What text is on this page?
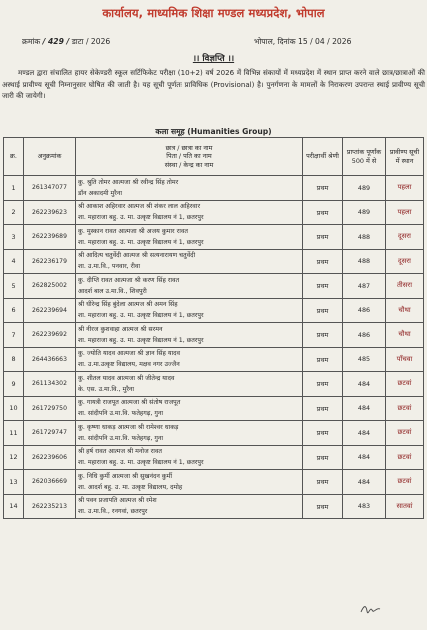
कार्यालय, माध्यमिक शिक्षा मण्डल मध्यप्रदेश, भोपाल
क्रमांक / 429 / डाटा / 2026	भोपाल, दिनांक 15 / 04 / 2026
।। विज्ञप्ति ।।
मण्डल द्वारा संचालित हायर सेकेण्डरी स्कूल सर्टिफिकेट परीक्षा (10+2) वर्ष 2026 में विभिन्न संकायों में मध्यप्रदेश में स्थान प्राप्त करने वाले छात्र/छात्राओं की अस्थाई प्रावीण्य सूची निम्नानुसार घोषित की जाती है। यह सूची पूर्णतः प्राविधिक (Provisional) है। पुनर्गणना के मामलों के निराकरण उपरान्त स्थाई प्रावीण्य सूची जारी की जायेगी।
कला समूह (Humanities Group)
क्र.	अनुक्रमांक	छात्र / छात्रा का नाम
पिता / पति का नाम
संस्था / केन्द्र का नाम	परीक्षार्थी श्रेणी	प्राप्तांक पूर्णांक 500 में से	प्रावीण्य सूची में स्थान
1	261347077	कु. श्रुति तोमर आत्मजा श्री रवीन्द्र सिंह तोमर
डॉन अकादमी मुरैना	प्रथम	489	पहला
2	262239623	श्री आकाश अहिरवार आत्मज श्री शंकर लाल अहिरवार
शा. महाराजा बहु. उ. मा. उत्कृष्ट विद्यालय नं 1, छतरपुर	प्रथम	489	पहला
3	262239689	कु. मुस्कान रावत आत्मजा श्री अजय कुमार रावत
शा. महाराजा बहु. उ. मा. उत्कृष्ट विद्यालय नं 1, छतरपुर	प्रथम	488	दूसरा
4	262236179	श्री आदित्य चतुर्वेदी आत्मज श्री सत्यनारायण चतुर्वेदी
शा. उ.मा.वि., पनवार, रीवा	प्रथम	488	दूसरा
5	262825002	कु. दीप्ति रावत आत्मजा श्री करण सिंह रावत
आदर्श बाल उ.मा.वि., शिवपुरी	प्रथम	487	तीसरा
6	262239694	श्री धीरेन्द्र सिंह बुंदेला आत्मज श्री अमन सिंह
शा. महाराजा बहु. उ. मा. उत्कृष्ट विद्यालय नं 1, छतरपुर	प्रथम	486	चौथा
7	262239692	श्री नीरज कुशवाहा आत्मज श्री सरमन
शा. महाराजा बहु. उ. मा. उत्कृष्ट विद्यालय नं 1, छतरपुर	प्रथम	486	चौथा
8	264436663	कु. ज्योति यादव आत्मजा श्री ज्ञान सिंह यादव
शा. उ.मा.उत्कृष्ट विद्यालय, मक्षव नगर उज्जैन	प्रथम	485	पाँचवा
9	261134302	कु. शीतल यादव आत्मजा श्री जीतेन्द्र यादव
के. एस. उ.मा.वि., मुरैना	प्रथम	484	छटवां
10	261729750	कु. गायत्री राजपूत आत्मजा श्री संतोष राजपूत
शा. सांदीपनि उ.मा.वि. फतेहगढ़, गुना	प्रथम	484	छटवां
11	261729747	कु. कृष्णा धाकड़ आत्मजा श्री रामेश्वर धाकड़
शा. सांदीपनि उ.मा.वि. फतेहगढ़, गुना	प्रथम	484	छटवां
12	262239606	श्री हर्ष रावत आत्मज श्री मनोज रावत
शा. महाराजा बहु. उ. मा. उत्कृष्ट विद्यालय नं 1, छतरपुर	प्रथम	484	छटवां
13	262036669	कु. निधि कुर्मी आत्मजा श्री सुखनंदन कुर्मी
शा. आदर्श बहु. उ. मा. उत्कृष्ट विद्यालय, दमोह	प्रथम	484	छटवां
14	262235213	श्री पवन प्रजापति आत्मज श्री रमेश
शा. उ.मा.वि., रनगवां, छतरपुर	प्रथम	483	सातवां
